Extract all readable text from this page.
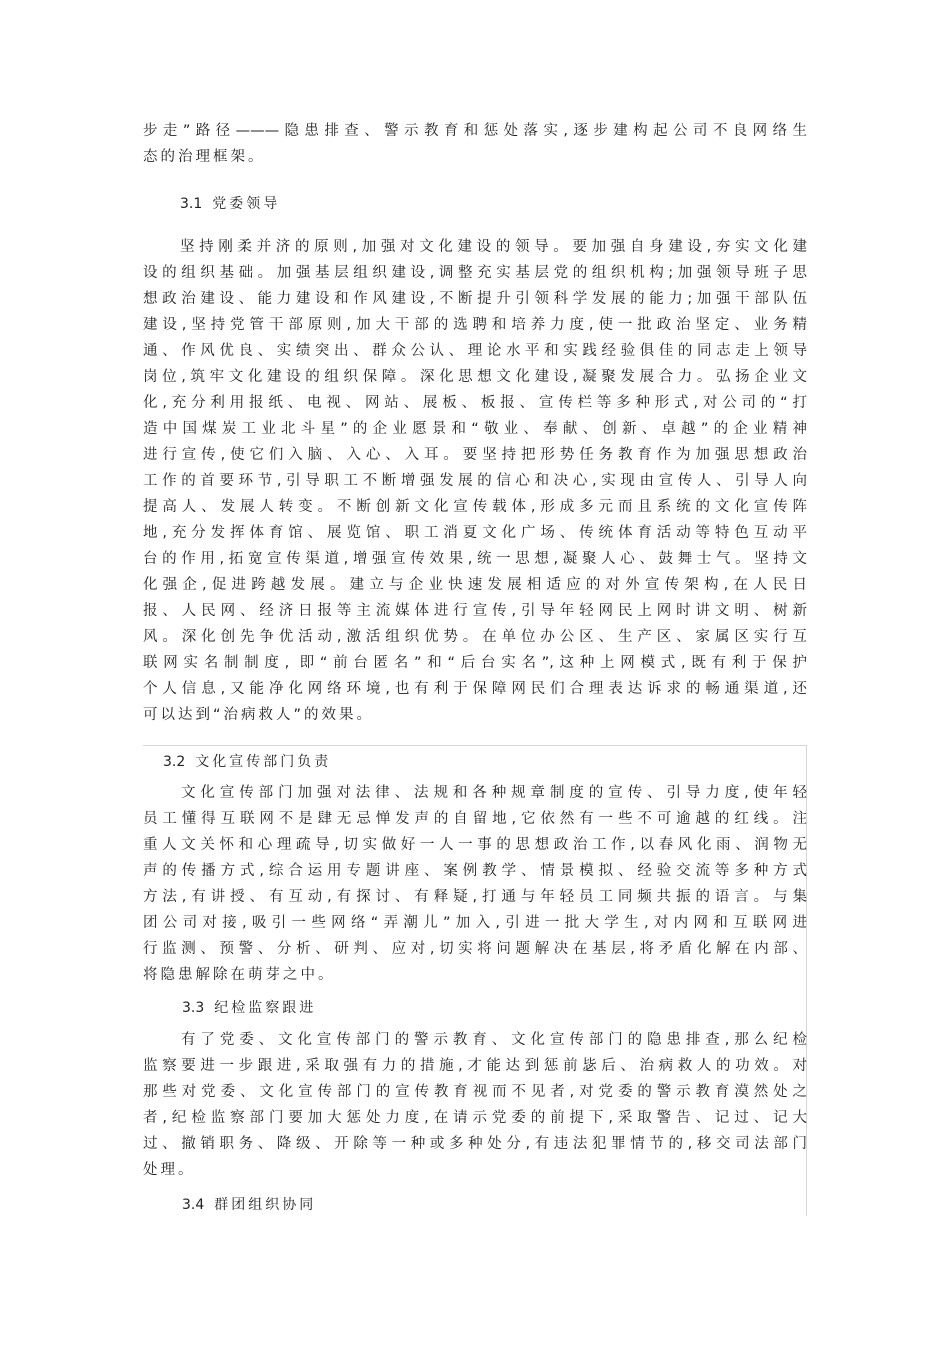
步走”路径———隐患排查、警示教育和惩处落实,逐步建构起公司不良网络生
态的治理框架。
3.1 党委领导
坚持刚柔并济的原则,加强对文化建设的领导。要加强自身建设,夯实文化建
设的组织基础。加强基层组织建设,调整充实基层党的组织机构;加强领导班子思
想政治建设、能力建设和作风建设,不断提升引领科学发展的能力;加强干部队伍
建设,坚持党管干部原则,加大干部的选聘和培养力度,使一批政治坚定、业务精
通、作风优良、实绩突出、群众公认、理论水平和实践经验俱佳的同志走上领导
岗位,筑牢文化建设的组织保障。深化思想文化建设,凝聚发展合力。弘扬企业文
化,充分利用报纸、电视、网站、展板、板报、宣传栏等多种形式,对公司的“打
造中国煤炭工业北斗星”的企业愿景和“敬业、奉献、创新、卓越”的企业精神
进行宣传,使它们入脑、入心、入耳。要坚持把形势任务教育作为加强思想政治
工作的首要环节,引导职工不断增强发展的信心和决心,实现由宣传人、引导人向
提高人、发展人转变。不断创新文化宣传载体,形成多元而且系统的文化宣传阵
地,充分发挥体育馆、展览馆、职工消夏文化广场、传统体育活动等特色互动平
台的作用,拓宽宣传渠道,增强宣传效果,统一思想,凝聚人心、鼓舞士气。坚持文
化强企,促进跨越发展。建立与企业快速发展相适应的对外宣传架构,在人民日
报、人民网、经济日报等主流媒体进行宣传,引导年轻网民上网时讲文明、树新
风。深化创先争优活动,激活组织优势。在单位办公区、生产区、家属区实行互
联网实名制制度, 即“前台匿名”和“后台实名”,这种上网模式,既有利于保护
个人信息,又能净化网络环境,也有利于保障网民们合理表达诉求的畅通渠道,还
可以达到“治病救人”的效果。
3.2 文化宣传部门负责
文化宣传部门加强对法律、法规和各种规章制度的宣传、引导力度,使年轻
员工懂得互联网不是肆无忌惮发声的自留地,它依然有一些不可逾越的红线。注
重人文关怀和心理疏导,切实做好一人一事的思想政治工作,以春风化雨、润物无
声的传播方式,综合运用专题讲座、案例教学、情景模拟、经验交流等多种方式
方法,有讲授、有互动,有探讨、有释疑,打通与年轻员工同频共振的语言。与集
团公司对接,吸引一些网络“弄潮儿”加入,引进一批大学生,对内网和互联网进
行监测、预警、分析、研判、应对,切实将问题解决在基层,将矛盾化解在内部、
将隐患解除在萌芽之中。
3.3 纪检监察跟进
有了党委、文化宣传部门的警示教育、文化宣传部门的隐患排查,那么纪检
监察要进一步跟进,采取强有力的措施,才能达到惩前毖后、治病救人的功效。对
那些对党委、文化宣传部门的宣传教育视而不见者,对党委的警示教育漠然处之
者,纪检监察部门要加大惩处力度,在请示党委的前提下,采取警告、记过、记大
过、撤销职务、降级、开除等一种或多种处分,有违法犯罪情节的,移交司法部门
处理。
3.4 群团组织协同
